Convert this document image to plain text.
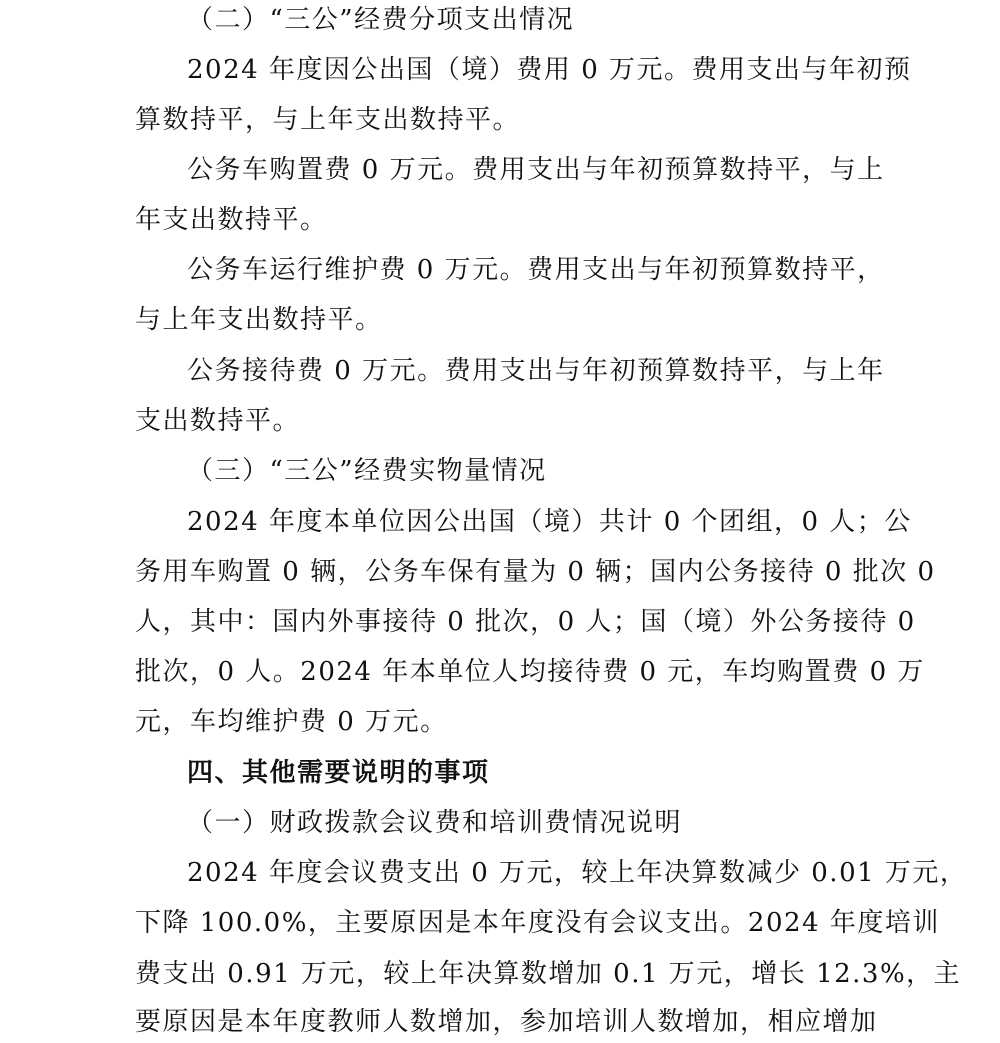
（二）“三公”经费分项支出情况
2024 年度因公出国（境）费用 0 万元。费用支出与年初预
算数持平，与上年支出数持平。
公务车购置费 0 万元。费用支出与年初预算数持平，与上
年支出数持平。
公务车运行维护费 0 万元。费用支出与年初预算数持平，
与上年支出数持平。
公务接待费 0 万元。费用支出与年初预算数持平，与上年
支出数持平。
（三）“三公”经费实物量情况
2024 年度本单位因公出国（境）共计 0 个团组，0 人；公
务用车购置 0 辆，公务车保有量为 0 辆；国内公务接待 0 批次 0
人，其中：国内外事接待 0 批次，0 人；国（境）外公务接待 0
批次，0 人。2024 年本单位人均接待费 0 元，车均购置费 0 万
元，车均维护费 0 万元。
四、其他需要说明的事项
（一）财政拨款会议费和培训费情况说明
2024 年度会议费支出 0 万元，较上年决算数减少 0.01 万元，
下降 100.0%，主要原因是本年度没有会议支出。2024 年度培训
费支出 0.91 万元，较上年决算数增加 0.1 万元，增长 12.3%，主
要原因是本年度教师人数增加，参加培训人数增加，相应增加
